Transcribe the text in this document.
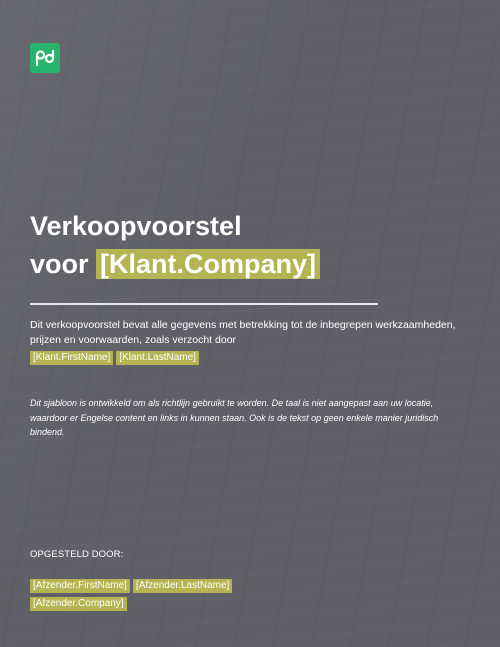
Verkoopvoorstel
voor [Klant.Company]

Dit verkoopvoorstel bevat alle gegevens met betrekking tot de inbegrepen werkzaamheden, prijzen en voorwaarden, zoals verzocht door
[Klant.FirstName] [Klant.LastName]

Dit sjabloon is ontwikkeld om als richtlijn gebruikt te worden. De taal is niet aangepast aan uw locatie, waardoor er Engelse content en links in kunnen staan. Ook is de tekst op geen enkele manier juridisch bindend.

OPGESTELD DOOR:

[Afzender.FirstName] [Afzender.LastName]
[Afzender.Company]
